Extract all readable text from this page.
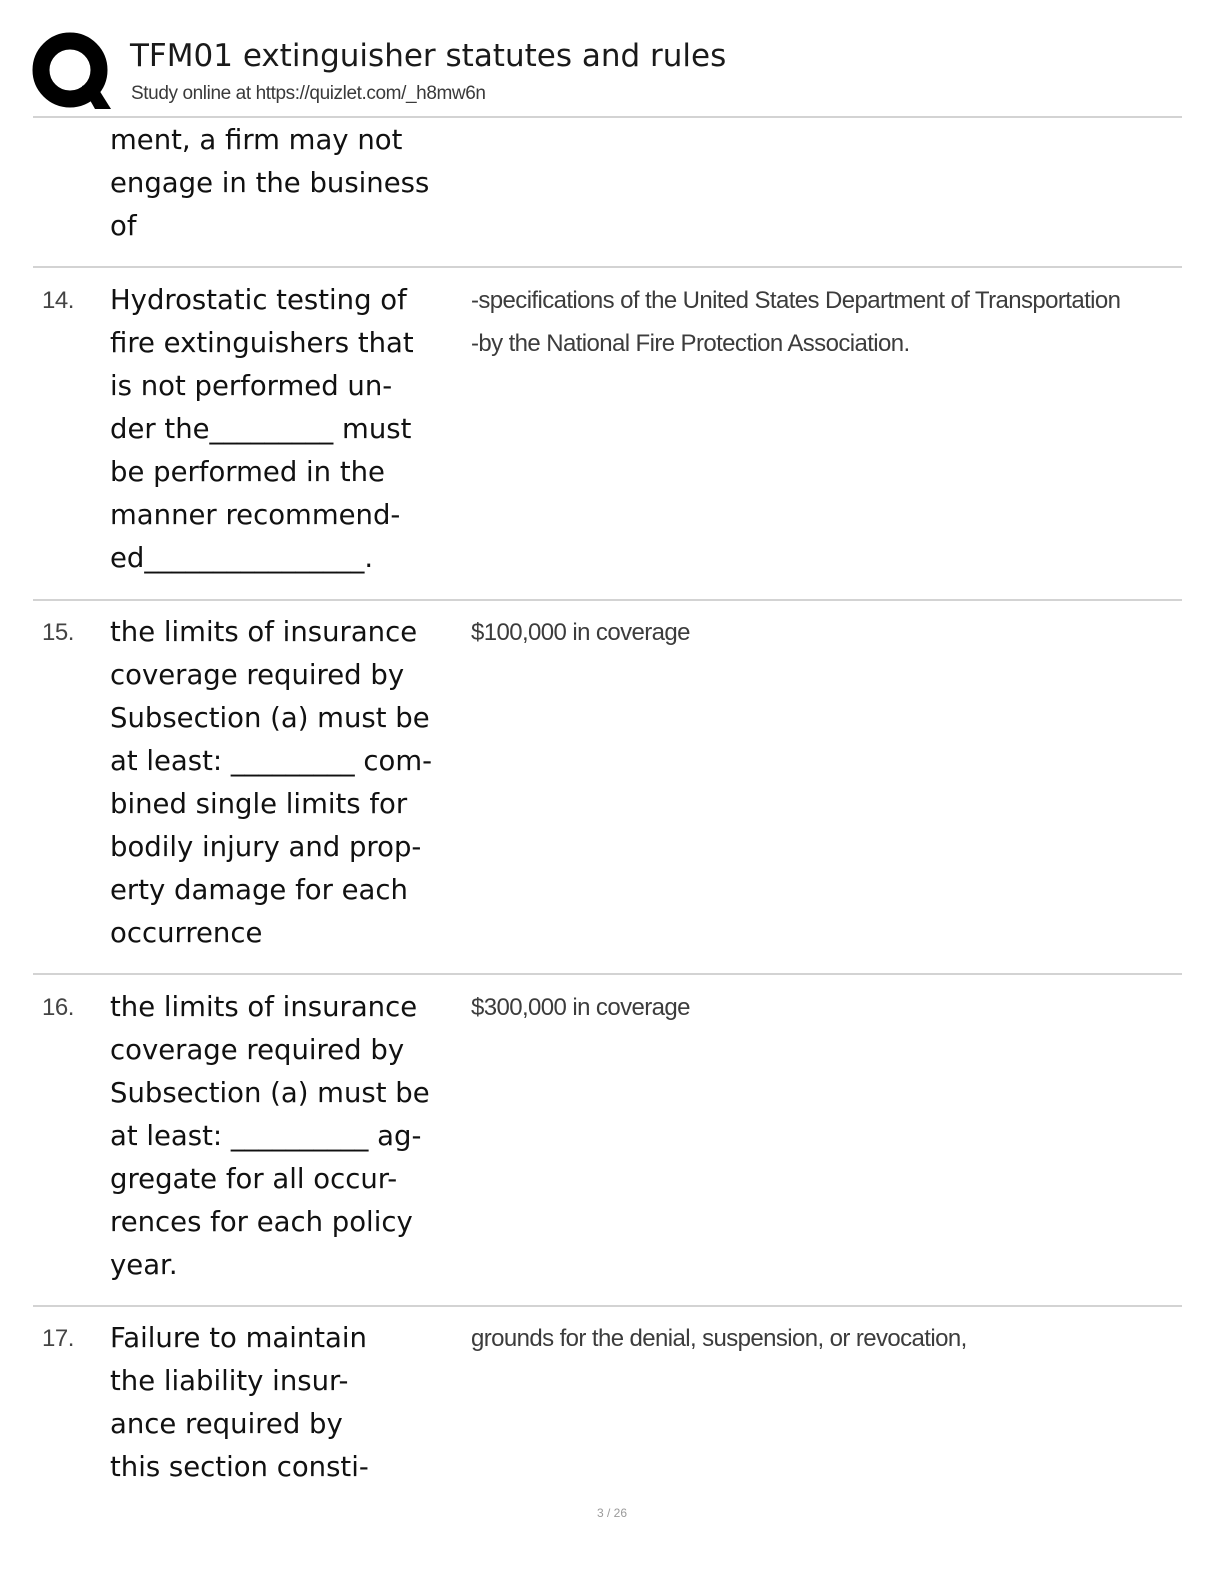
TFM01 extinguisher statutes and rules
Study online at https://quizlet.com/_h8mw6n
ment, a firm may not
engage in the business
of
14. Hydrostatic testing of
fire extinguishers that
is not performed un-
der the_________ must
be performed in the
manner recommend-
ed________________.
-specifications of the United States Department of Transportation
-by the National Fire Protection Association.
15. the limits of insurance
coverage required by
Subsection (a) must be
at least: _________ com-
bined single limits for
bodily injury and prop-
erty damage for each
occurrence
$100,000 in coverage
16. the limits of insurance
coverage required by
Subsection (a) must be
at least: __________ ag-
gregate for all occur-
rences for each policy
year.
$300,000 in coverage
17. Failure to maintain
the liability insur-
ance required by
this section consti-
grounds for the denial, suspension, or revocation,
3 / 26
